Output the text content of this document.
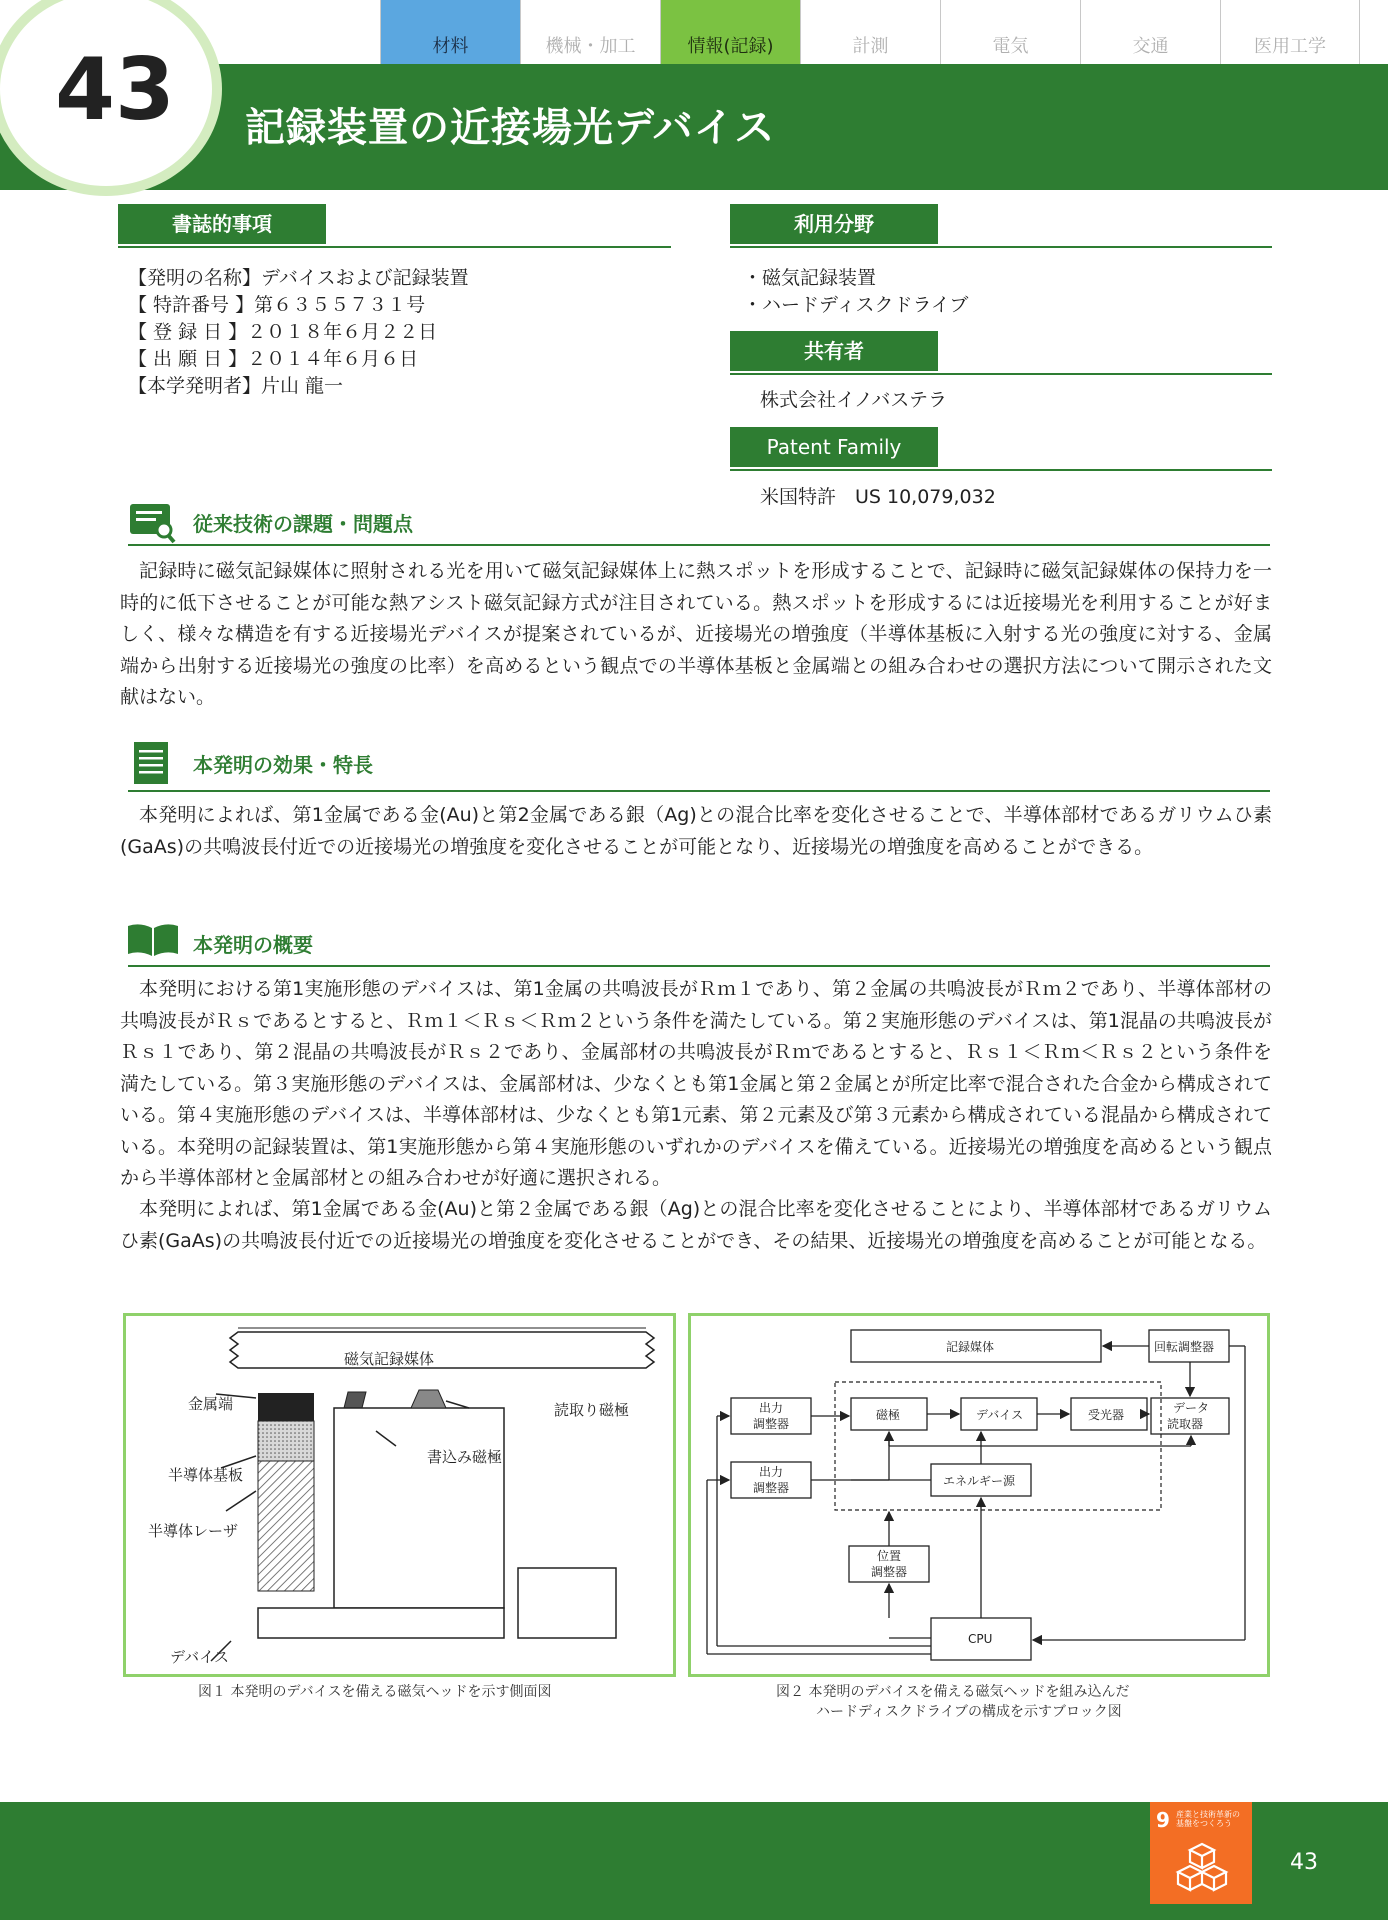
43	記録装置の近接場光デバイス
材料	機械・加工	情報(記録)	計測	電気	交通	医用工学
書誌的事項
【発明の名称】デバイスおよび記録装置
【 特許番号 】第６３５５７３１号
【 登 録 日 】２０１８年６月２２日
【 出 願 日 】２０１４年６月６日
【本学発明者】片山 龍一
利用分野
・磁気記録装置
・ハードディスクドライブ
共有者
株式会社イノバステラ
Patent Family
米国特許　US 10,079,032
従来技術の課題・問題点
記録時に磁気記録媒体に照射される光を用いて磁気記録媒体上に熱スポットを形成することで、記録時に磁気記録媒体の保持力を一時的に低下させることが可能な熱アシスト磁気記録方式が注目されている。熱スポットを形成するには近接場光を利用することが好ましく、様々な構造を有する近接場光デバイスが提案されているが、近接場光の増強度（半導体基板に入射する光の強度に対する、金属端から出射する近接場光の強度の比率）を高めるという観点での半導体基板と金属端との組み合わせの選択方法について開示された文献はない。
本発明の効果・特長
本発明によれば、第1金属である金(Au)と第2金属である銀（Ag)との混合比率を変化させることで、半導体部材であるガリウムひ素(GaAs)の共鳴波長付近での近接場光の増強度を変化させることが可能となり、近接場光の増強度を高めることができる。
本発明の概要
本発明における第1実施形態のデバイスは、第1金属の共鳴波長がＲｍ１であり、第２金属の共鳴波長がＲｍ２であり、半導体部材の共鳴波長がＲｓであるとすると、Ｒｍ１＜Ｒｓ＜Ｒｍ２という条件を満たしている。第２実施形態のデバイスは、第1混晶の共鳴波長がＲｓ１であり、第２混晶の共鳴波長がＲｓ２であり、金属部材の共鳴波長がＲｍであるとすると、Ｒｓ１＜Ｒｍ＜Ｒｓ２という条件を満たしている。第３実施形態のデバイスは、金属部材は、少なくとも第1金属と第２金属とが所定比率で混合された合金から構成されている。第４実施形態のデバイスは、半導体部材は、少なくとも第1元素、第２元素及び第３元素から構成されている混晶から構成されている。本発明の記録装置は、第1実施形態から第４実施形態のいずれかのデバイスを備えている。近接場光の増強度を高めるという観点から半導体部材と金属部材との組み合わせが好適に選択される。
本発明によれば、第1金属である金(Au)と第２金属である銀（Ag)との混合比率を変化させることにより、半導体部材であるガリウムひ素(GaAs)の共鳴波長付近での近接場光の増強度を変化させることができ、その結果、近接場光の増強度を高めることが可能となる。
磁気記録媒体
金属端	読取り磁極
書込み磁極
半導体基板
半導体レーザ
デバイス
図１ 本発明のデバイスを備える磁気ヘッドを示す側面図
記録媒体	回転調整器
出力
調整器
出力
調整器
磁極	デバイス	受光器	データ
読取器
エネルギー源
位置
調整器
CPU
図２ 本発明のデバイスを備える磁気ヘッドを組み込んだ
ハードディスクドライブの構成を示すブロック図
9 産業と技術革新の
基盤をつくろう
43
